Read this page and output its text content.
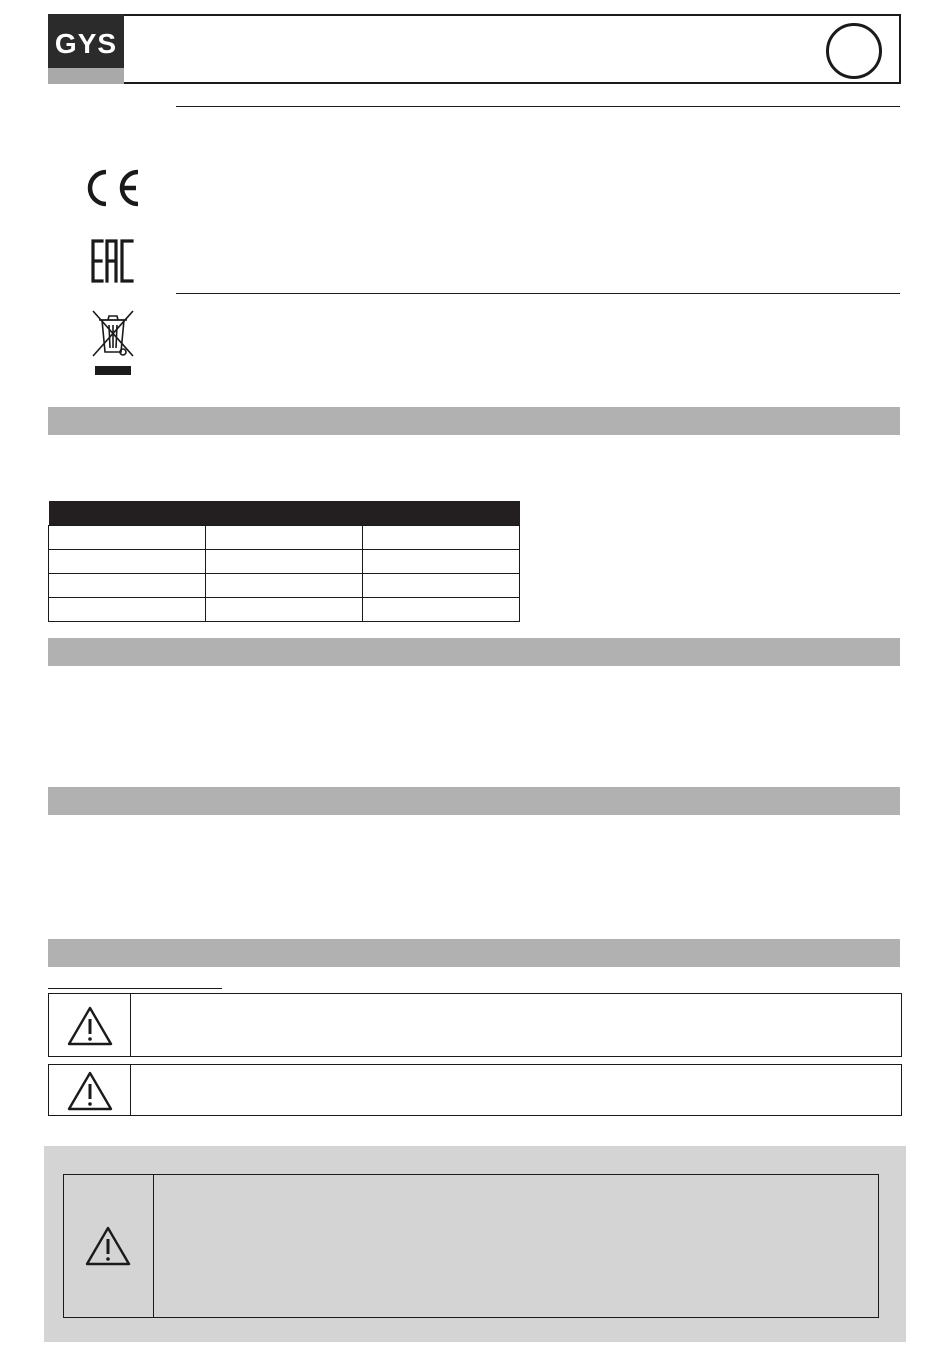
GYS
